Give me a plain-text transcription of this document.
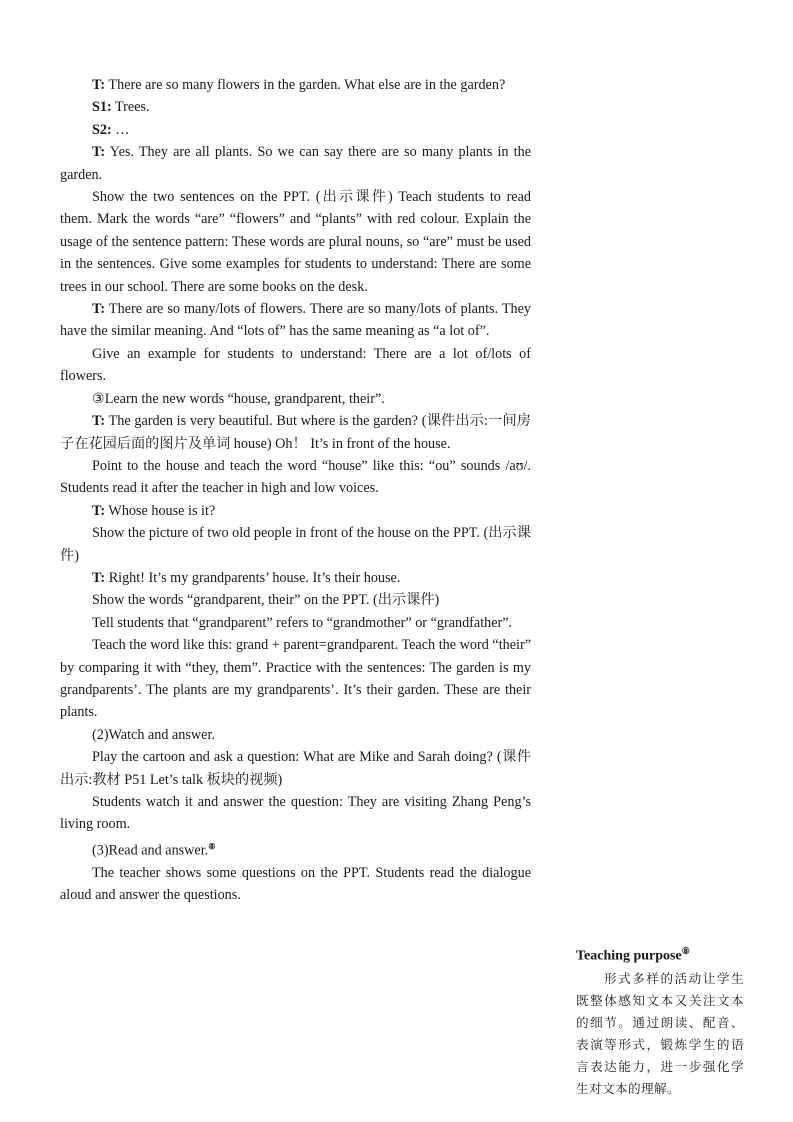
T: There are so many flowers in the garden. What else are in the garden?

S1: Trees.

S2: …

T: Yes. They are all plants. So we can say there are so many plants in the garden.

Show the two sentences on the PPT. (出示课件) Teach students to read them. Mark the words “are” “flowers” and “plants” with red colour. Explain the usage of the sentence pattern: These words are plural nouns, so “are” must be used in the sentences. Give some examples for students to understand: There are some trees in our school. There are some books on the desk.

T: There are so many/lots of flowers. There are so many/lots of plants. They have the similar meaning. And “lots of” has the same meaning as “a lot of”.

Give an example for students to understand: There are a lot of/lots of flowers.

③Learn the new words “house, grandparent, their”.

T: The garden is very beautiful. But where is the garden? (课件出示:一间房子在花园后面的图片及单词 house) Oh！ It’s in front of the house.

Point to the house and teach the word “house” like this: “ou” sounds /aʊ/. Students read it after the teacher in high and low voices.

T: Whose house is it?

Show the picture of two old people in front of the house on the PPT. (出示课件)

T: Right! It’s my grandparents’ house. It’s their house.

Show the words “grandparent, their” on the PPT. (出示课件)

Tell students that “grandparent” refers to “grandmother” or “grandfather”.

Teach the word like this: grand + parent=grandparent. Teach the word “their” by comparing it with “they, them”. Practice with the sentences: The garden is my grandparents’. The plants are my grandparents’. It’s their garden. These are their plants.

(2)Watch and answer.

Play the cartoon and ask a question: What are Mike and Sarah doing? (课件出示:教材 P51 Let’s talk 板块的视频)

Students watch it and answer the question: They are visiting Zhang Peng’s living room.

(3)Read and answer.⑧

The teacher shows some questions on the PPT. Students read the dialogue aloud and answer the questions.

Teaching purpose⑧

形式多样的活动让学生既整体感知文本又关注文本的细节。通过朗读、配音、表演等形式，锻炼学生的语言表达能力，进一步强化学生对文本的理解。
